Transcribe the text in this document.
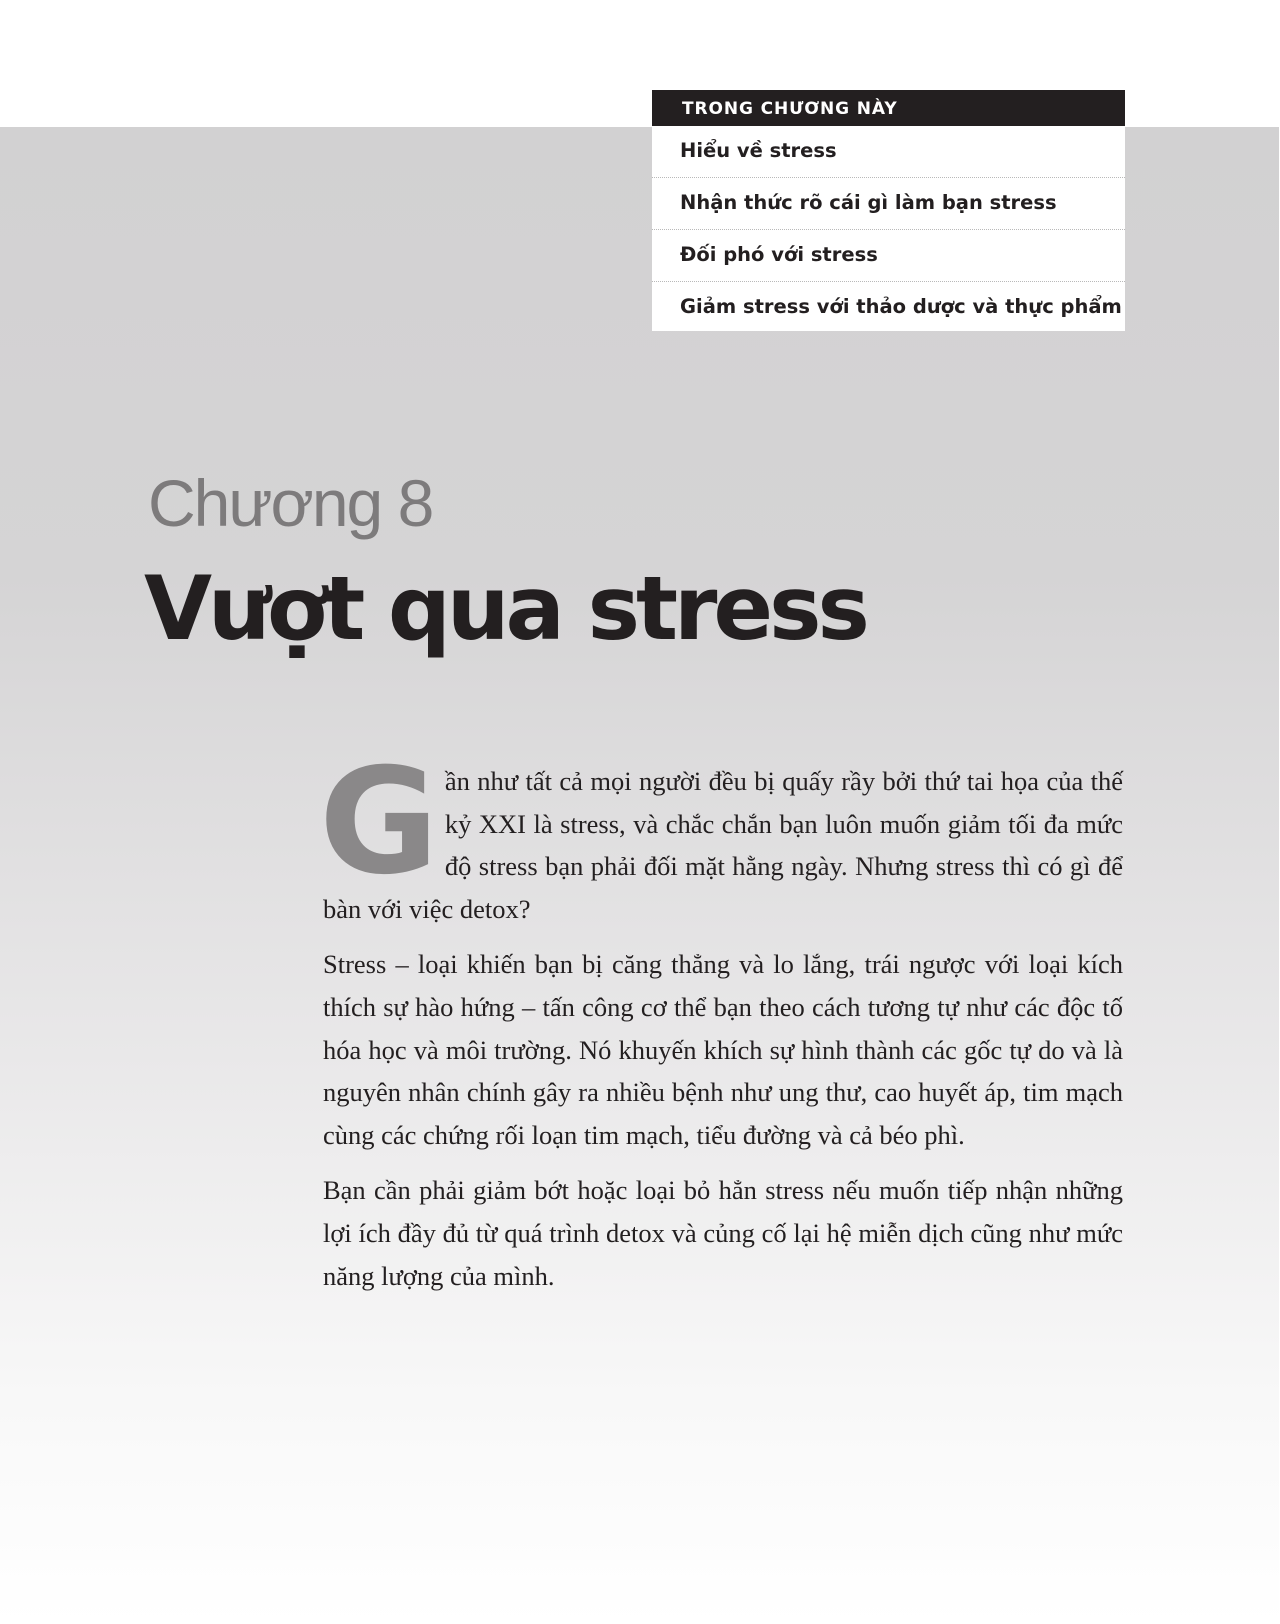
TRONG CHƯƠNG NÀY
Hiểu về stress
Nhận thức rõ cái gì làm bạn stress
Đối phó với stress
Giảm stress với thảo dược và thực phẩm
Chương 8
Vượt qua stress

Gần như tất cả mọi người đều bị quấy rầy bởi thứ tai họa của thế kỷ XXI là stress, và chắc chắn bạn luôn muốn giảm tối đa mức độ stress bạn phải đối mặt hằng ngày. Nhưng stress thì có gì để bàn với việc detox?

Stress – loại khiến bạn bị căng thẳng và lo lắng, trái ngược với loại kích thích sự hào hứng – tấn công cơ thể bạn theo cách tương tự như các độc tố hóa học và môi trường. Nó khuyến khích sự hình thành các gốc tự do và là nguyên nhân chính gây ra nhiều bệnh như ung thư, cao huyết áp, tim mạch cùng các chứng rối loạn tim mạch, tiểu đường và cả béo phì.

Bạn cần phải giảm bớt hoặc loại bỏ hẳn stress nếu muốn tiếp nhận những lợi ích đầy đủ từ quá trình detox và củng cố lại hệ miễn dịch cũng như mức năng lượng của mình.
